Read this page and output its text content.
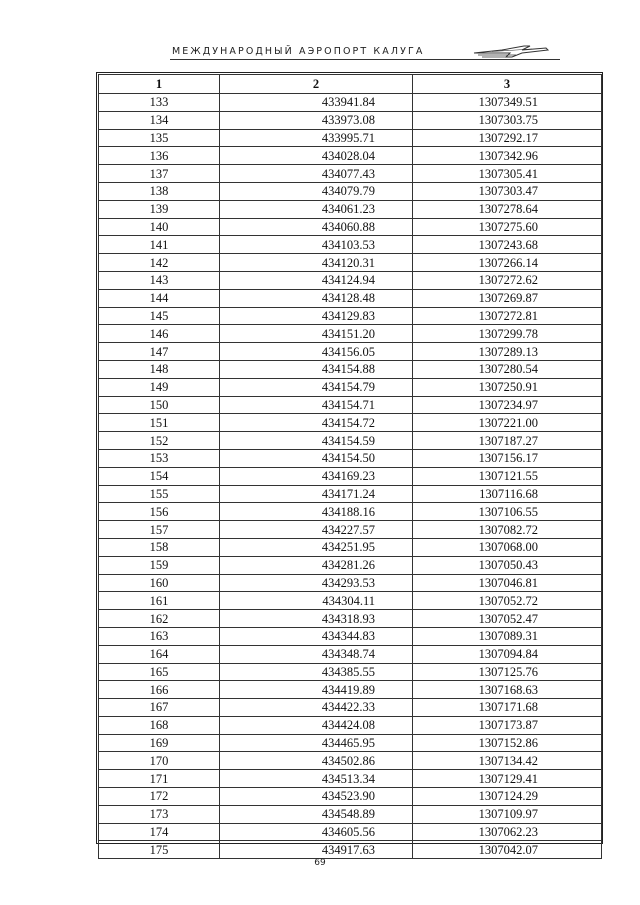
МЕЖДУНАРОДНЫЙ АЭРОПОРТ КАЛУГА
1	2	3
133	433941.84	1307349.51
134	433973.08	1307303.75
135	433995.71	1307292.17
136	434028.04	1307342.96
137	434077.43	1307305.41
138	434079.79	1307303.47
139	434061.23	1307278.64
140	434060.88	1307275.60
141	434103.53	1307243.68
142	434120.31	1307266.14
143	434124.94	1307272.62
144	434128.48	1307269.87
145	434129.83	1307272.81
146	434151.20	1307299.78
147	434156.05	1307289.13
148	434154.88	1307280.54
149	434154.79	1307250.91
150	434154.71	1307234.97
151	434154.72	1307221.00
152	434154.59	1307187.27
153	434154.50	1307156.17
154	434169.23	1307121.55
155	434171.24	1307116.68
156	434188.16	1307106.55
157	434227.57	1307082.72
158	434251.95	1307068.00
159	434281.26	1307050.43
160	434293.53	1307046.81
161	434304.11	1307052.72
162	434318.93	1307052.47
163	434344.83	1307089.31
164	434348.74	1307094.84
165	434385.55	1307125.76
166	434419.89	1307168.63
167	434422.33	1307171.68
168	434424.08	1307173.87
169	434465.95	1307152.86
170	434502.86	1307134.42
171	434513.34	1307129.41
172	434523.90	1307124.29
173	434548.89	1307109.97
174	434605.56	1307062.23
175	434917.63	1307042.07
69
